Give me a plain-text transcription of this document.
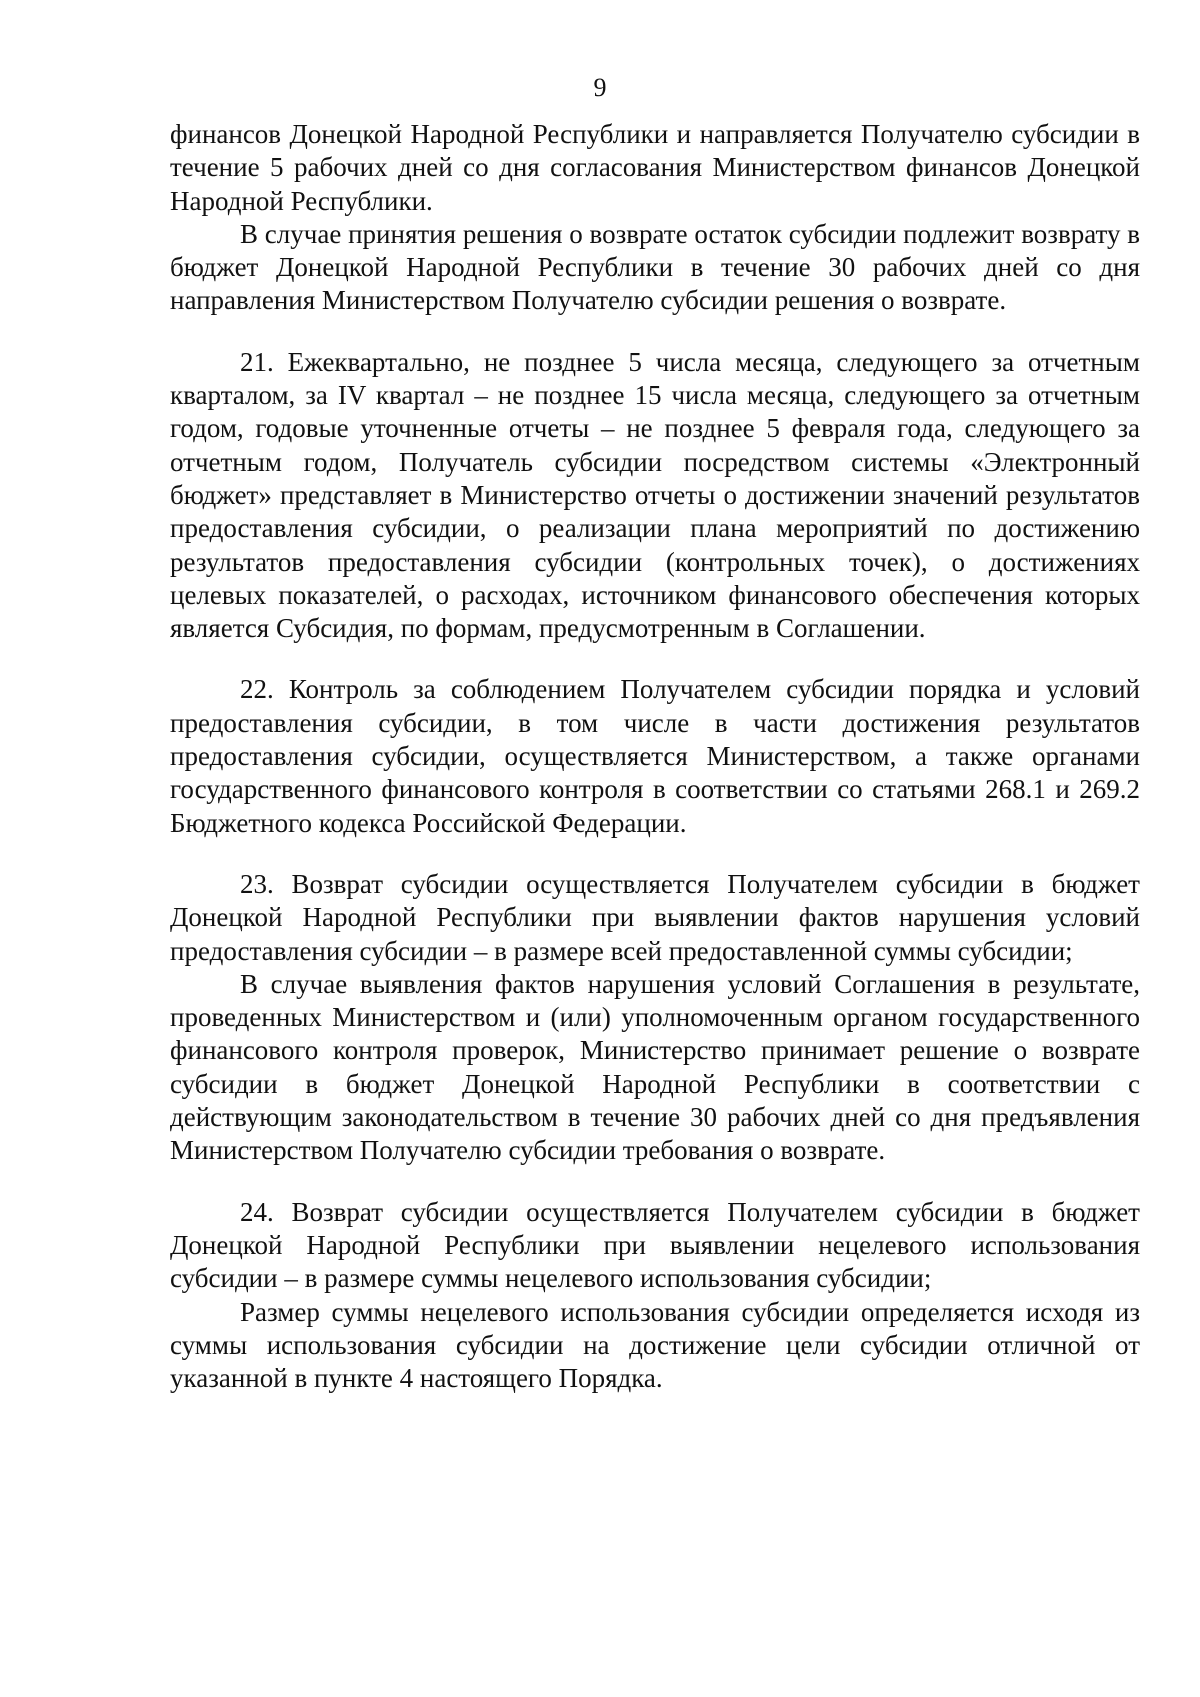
9

финансов Донецкой Народной Республики и направляется Получателю субсидии в течение 5 рабочих дней со дня согласования Министерством финансов Донецкой Народной Республики.

В случае принятия решения о возврате остаток субсидии подлежит возврату в бюджет Донецкой Народной Республики в течение 30 рабочих дней со дня направления Министерством Получателю субсидии решения о возврате.

21. Ежеквартально, не позднее 5 числа месяца, следующего за отчетным кварталом, за IV квартал – не позднее 15 числа месяца, следующего за отчетным годом, годовые уточненные отчеты – не позднее 5 февраля года, следующего за отчетным годом, Получатель субсидии посредством системы «Электронный бюджет» представляет в Министерство отчеты о достижении значений результатов предоставления субсидии, о реализации плана мероприятий по достижению результатов предоставления субсидии (контрольных точек), о достижениях целевых показателей, о расходах, источником финансового обеспечения которых является Субсидия, по формам, предусмотренным в Соглашении.

22. Контроль за соблюдением Получателем субсидии порядка и условий предоставления субсидии, в том числе в части достижения результатов предоставления субсидии, осуществляется Министерством, а также органами государственного финансового контроля в соответствии со статьями 268.1 и 269.2 Бюджетного кодекса Российской Федерации.

23. Возврат субсидии осуществляется Получателем субсидии в бюджет Донецкой Народной Республики при выявлении фактов нарушения условий предоставления субсидии – в размере всей предоставленной суммы субсидии;

В случае выявления фактов нарушения условий Соглашения в результате, проведенных Министерством и (или) уполномоченным органом государственного финансового контроля проверок, Министерство принимает решение о возврате субсидии в бюджет Донецкой Народной Республики в соответствии с действующим законодательством в течение 30 рабочих дней со дня предъявления Министерством Получателю субсидии требования о возврате.

24. Возврат субсидии осуществляется Получателем субсидии в бюджет Донецкой Народной Республики при выявлении нецелевого использования субсидии – в размере суммы нецелевого использования субсидии;

Размер суммы нецелевого использования субсидии определяется исходя из суммы использования субсидии на достижение цели субсидии отличной от указанной в пункте 4 настоящего Порядка.
